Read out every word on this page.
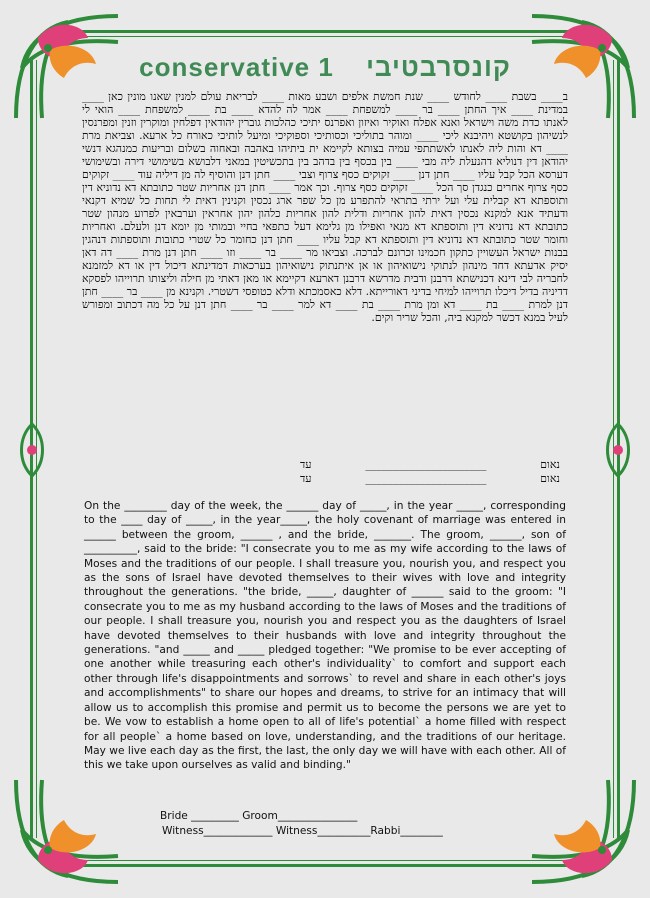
conservative 1 קונסרבטיבי

ב____ בשבת ____ לחודש ____ שנת חמשת אלפים ושבע מאות ____ לבריאת עולם למנין שאנו מונין כאן ____ במדינת ____ איך החתן ____ בר ____ למשפחת ____ אמר לה להדא ____ בת ____ למשפחת ____ הואי לי לאנתו כדת משה וישראל ואנא אפלח ואוקיר ואיזון ואפרנס יתיכי כהלכות גוברין יהודאין דפלחין ומוקרין וזנין ומפרנסין לנשיהון בקושטא ויהיבנא ליכי ____ ומוהר בתוליכי וכסותיכי וספוקיכי ומיעל לותיכי כאורח כל ארעא. וצביאת מרת ____ דא והות ליה לאנתו לאשתתפי עמיה בצותא לקיימא ית ביתיהו באהבה ובאחוה בשלום ובריעות כמנהגא דנשי יהודאן דין דנוליא דהנעלת ליה מבי ____ בין בכסף בין בדהב בין בתכשיטין במאני דלבושא בשימושי דירה ובשימושי דערסא הכל קבל עליו ____ חתן דנן ____ זקוקים כסף צרוף וצבי ____ חתן דנן והוסיף לה מן דיליה עוד ____ זקוקים כסף צרוף אחרים כנגדן סך הכל ____ זקוקים כסף צרוף. וכך אמר ____ חתן דנן אחריות שטר כתובתא דא נדוניא דין ותוספתא דא קבלית עלי ועל ירתי בתראי להתפרע מן כל שפר ארג נכסין וקנינין דאית לי תחות כל שמיא דקנאי ודעתיד אנא למקנא נכסין דאית להון אחריות ודלית להון אחריות כלהון יהון אחראין וערבאין לפרוע מנהון שטר כתובתא דא נדוניא דין ותוספתא דא מנאי ואפילו מן גלימא דעל כתפאי בחיי ובמותי מן יומא דנן ולעלם. ואחריות וחומר שטר כתובתא דא נדוניא דין ותוספתא דא קבל עליו ____ חתן דנן כחומר כל שטרי כתובות ותוספתות דנהגין בבנות ישראל העשויין כתקון חכמינו זכרונם לברכה. וצביאו מר ____ בר ____ וזו ____ חתן דנן מרת ____ דה דאן יסיק אדעתא דחד מינהון לנתוקי נישואיהון או אן איתנתוק נישואיהון בערכאות דמדינתא דיכול דין או דא למזמנא לחבריה לבי דינא דכנישתא דרבנן ודבית מדרשא דרבנן דארעא דקיימא או מאן דאתי מן חילה וליצותו תרוייהו לפסקא דדיניה בדיל דיכלו תרוייהו למיחי בדיני דאורייתא. דלא כאסמכתא ודלא כטופסי דשטרי. וקנינא מן ____ בר ____ חתן דנן למרת ____ בת ____ דא ומן מרת ____ בת ____ דא למר ____ בר ____ חתן דנן על כל מה דכתוב ומפורש לעיל במנא דכשר למקנא ביה, והכל שריר וקים.

נאום
______________________
עד
נאום
______________________
עד

On the ________ day of the week, the ______ day of _____, in the year _____, corresponding to the ____ day of _____, in the year_____, the holy covenant of marriage was entered in ______ between the groom, ______ , and the bride, _______. The groom, ______, son of __________, said to the bride: "I consecrate you to me as my wife according to the laws of Moses and the traditions of our people. I shall treasure you, nourish you, and respect you as the sons of Israel have devoted themselves to their wives with love and integrity throughout the generations. "the bride, _____, daughter of ______ said to the groom: "I consecrate you to me as my husband according to the laws of Moses and the traditions of our people. I shall treasure you, nourish you and respect you as the daughters of Israel have devoted themselves to their husbands with love and integrity throughout the generations. "and _____ and _____ pledged together: "We promise to be ever accepting of one another while treasuring each other's individuality` to comfort and support each other through life's disappointments and sorrows` to revel and share in each other's joys and accomplishments" to share our hopes and dreams, to strive for an intimacy that will allow us to accomplish this promise and permit us to become the persons we are yet to be. We vow to establish a home open to all of life's potential` a home filled with respect for all people` a home based on love, understanding, and the traditions of our heritage. May we live each day as the first, the last, the only day we will have with each other. All of this we take upon ourselves as valid and binding."

Bride _________ Groom_______________
Witness_____________ Witness__________Rabbi________
